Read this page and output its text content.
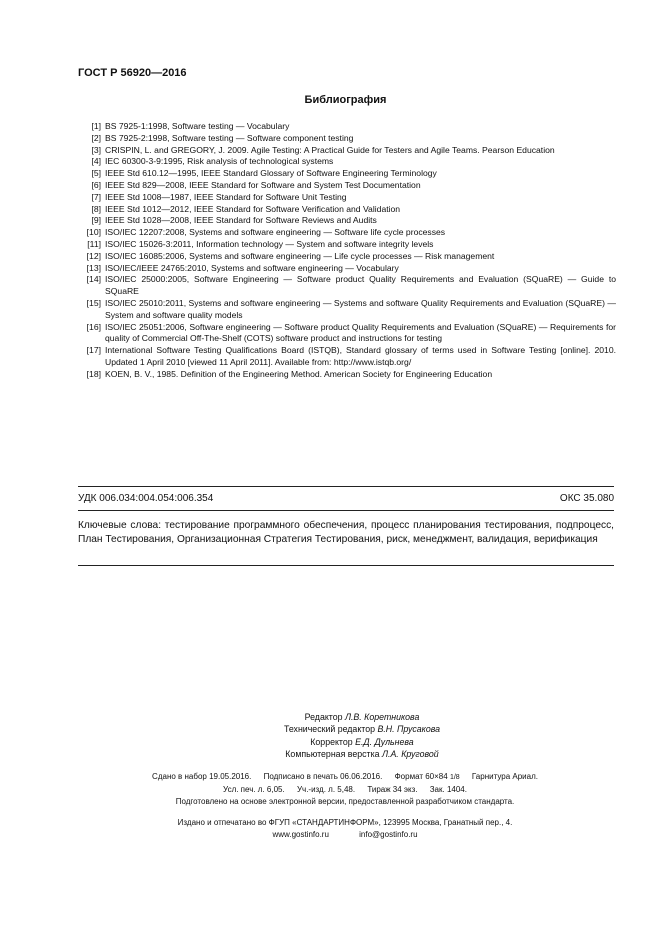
ГОСТ Р 56920—2016
Библиография
[1] BS 7925-1:1998, Software testing — Vocabulary
[2] BS 7925-2:1998, Software testing — Software component testing
[3] CRISPIN, L. and GREGORY, J. 2009. Agile Testing: A Practical Guide for Testers and Agile Teams. Pearson Education
[4] IEC 60300-3-9:1995, Risk analysis of technological systems
[5] IEEE Std 610.12—1995, IEEE Standard Glossary of Software Engineering Terminology
[6] IEEE Std 829—2008, IEEE Standard for Software and System Test Documentation
[7] IEEE Std 1008—1987, IEEE Standard for Software Unit Testing
[8] IEEE Std 1012—2012, IEEE Standard for Software Verification and Validation
[9] IEEE Std 1028—2008, IEEE Standard for Software Reviews and Audits
[10] ISO/IEC 12207:2008, Systems and software engineering — Software life cycle processes
[11] ISO/IEC 15026-3:2011, Information technology — System and software integrity levels
[12] ISO/IEC 16085:2006, Systems and software engineering — Life cycle processes — Risk management
[13] ISO/IEC/IEEE 24765:2010, Systems and software engineering — Vocabulary
[14] ISO/IEC 25000:2005, Software Engineering — Software product Quality Requirements and Evaluation (SQuaRE) — Guide to SQuaRE
[15] ISO/IEC 25010:2011, Systems and software engineering — Systems and software Quality Requirements and Evaluation (SQuaRE) — System and software quality models
[16] ISO/IEC 25051:2006, Software engineering — Software product Quality Requirements and Evaluation (SQuaRE) — Requirements for quality of Commercial Off-The-Shelf (COTS) software product and instructions for testing
[17] International Software Testing Qualifications Board (ISTQB), Standard glossary of terms used in Software Testing [online]. 2010. Updated 1 April 2010 [viewed 11 April 2011]. Available from: http://www.istqb.org/
[18] KOEN, B. V., 1985. Definition of the Engineering Method. American Society for Engineering Education
УДК 006.034:004.054:006.354	ОКС 35.080
Ключевые слова: тестирование программного обеспечения, процесс планирования тестирования, подпроцесс, План Тестирования, Организационная Стратегия Тестирования, риск, менеджмент, валидация, верификация
Редактор Л.В. Коретникова
Технический редактор В.Н. Прусакова
Корректор Е.Д. Дульнева
Компьютерная верстка Л.А. Круговой
Сдано в набор 19.05.2016. Подписано в печать 06.06.2016. Формат 60×84 1/8 Гарнитура Ариал.
Усл. печ. л. 6,05. Уч.-изд. л. 5,48. Тираж 34 экз. Зак. 1404.
Подготовлено на основе электронной версии, предоставленной разработчиком стандарта.
Издано и отпечатано во ФГУП «СТАНДАРТИНФОРМ», 123995 Москва, Гранатный пер., 4.
www.gostinfo.ru	info@gostinfo.ru
